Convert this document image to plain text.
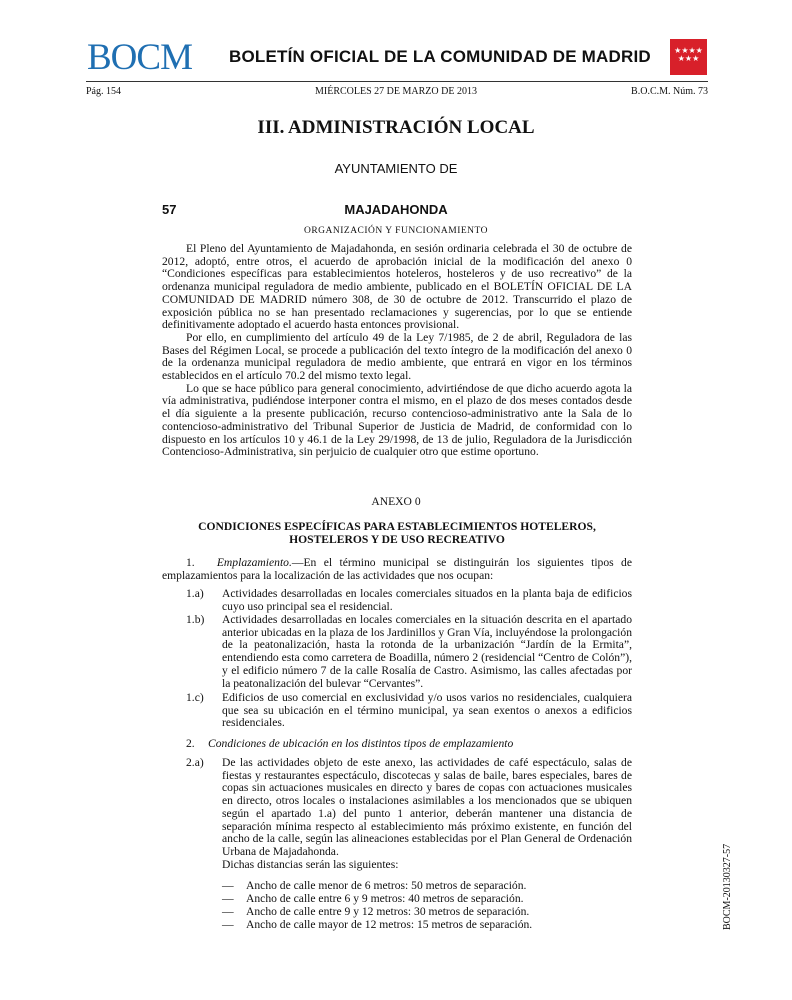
BOCM BOLETÍN OFICIAL DE LA COMUNIDAD DE MADRID	★★★★
★★★
Pág. 154	MIÉRCOLES 27 DE MARZO DE 2013	B.O.C.M. Núm. 73
III. ADMINISTRACIÓN LOCAL
AYUNTAMIENTO DE
57	MAJADAHONDA
ORGANIZACIÓN Y FUNCIONAMIENTO

El Pleno del Ayuntamiento de Majadahonda, en sesión ordinaria celebrada el 30 de octubre de 2012, adoptó, entre otros, el acuerdo de aprobación inicial de la modificación del anexo 0 “Condiciones específicas para establecimientos hoteleros, hosteleros y de uso recreativo” de la ordenanza municipal reguladora de medio ambiente, publicado en el BOLETÍN OFICIAL DE LA COMUNIDAD DE MADRID número 308, de 30 de octubre de 2012. Transcurrido el plazo de exposición pública no se han presentado reclamaciones y sugerencias, por lo que se entiende definitivamente adoptado el acuerdo hasta entonces provisional.

Por ello, en cumplimiento del artículo 49 de la Ley 7/1985, de 2 de abril, Reguladora de las Bases del Régimen Local, se procede a publicación del texto íntegro de la modificación del anexo 0 de la ordenanza municipal reguladora de medio ambiente, que entrará en vigor en los términos establecidos en el artículo 70.2 del mismo texto legal.

Lo que se hace público para general conocimiento, advirtiéndose de que dicho acuerdo agota la vía administrativa, pudiéndose interponer contra el mismo, en el plazo de dos meses contados desde el día siguiente a la presente publicación, recurso contencioso-administrativo ante la Sala de lo contencioso-administrativo del Tribunal Superior de Justicia de Madrid, de conformidad con lo dispuesto en los artículos 10 y 46.1 de la Ley 29/1998, de 13 de julio, Reguladora de la Jurisdicción Contencioso-Administrativa, sin perjuicio de cualquier otro que estime oportuno.

ANEXO 0
CONDICIONES ESPECÍFICAS PARA ESTABLECIMIENTOS HOTELEROS, HOSTELEROS Y DE USO RECREATIVO

1. Emplazamiento.—En el término municipal se distinguirán los siguientes tipos de emplazamientos para la localización de las actividades que nos ocupan:

1.a) Actividades desarrolladas en locales comerciales situados en la planta baja de edificios cuyo uso principal sea el residencial.
1.b) Actividades desarrolladas en locales comerciales en la situación descrita en el apartado anterior ubicadas en la plaza de los Jardinillos y Gran Vía, incluyéndose la prolongación de la peatonalización, hasta la rotonda de la urbanización “Jardín de la Ermita”, entendiendo esta como carretera de Boadilla, número 2 (residencial “Centro de Colón”), y el edificio número 7 de la calle Rosalía de Castro. Asimismo, las calles afectadas por la peatonalización del bulevar “Cervantes”.
1.c) Edificios de uso comercial en exclusividad y/o usos varios no residenciales, cualquiera que sea su ubicación en el término municipal, ya sean exentos o anexos a edificios residenciales.
2. Condiciones de ubicación en los distintos tipos de emplazamiento
2.a) De las actividades objeto de este anexo, las actividades de café espectáculo, salas de fiestas y restaurantes espectáculo, discotecas y salas de baile, bares especiales, bares de copas sin actuaciones musicales en directo y bares de copas con actuaciones musicales en directo, otros locales o instalaciones asimilables a los mencionados que se ubiquen según el apartado 1.a) del punto 1 anterior, deberán mantener una distancia de separación mínima respecto al establecimiento más próximo existente, en función del ancho de la calle, según las alineaciones establecidas por el Plan General de Ordenación Urbana de Majadahonda.
Dichas distancias serán las siguientes:
— Ancho de calle menor de 6 metros: 50 metros de separación.
— Ancho de calle entre 6 y 9 metros: 40 metros de separación.
— Ancho de calle entre 9 y 12 metros: 30 metros de separación.
— Ancho de calle mayor de 12 metros: 15 metros de separación.	BOCM-20130327-57
